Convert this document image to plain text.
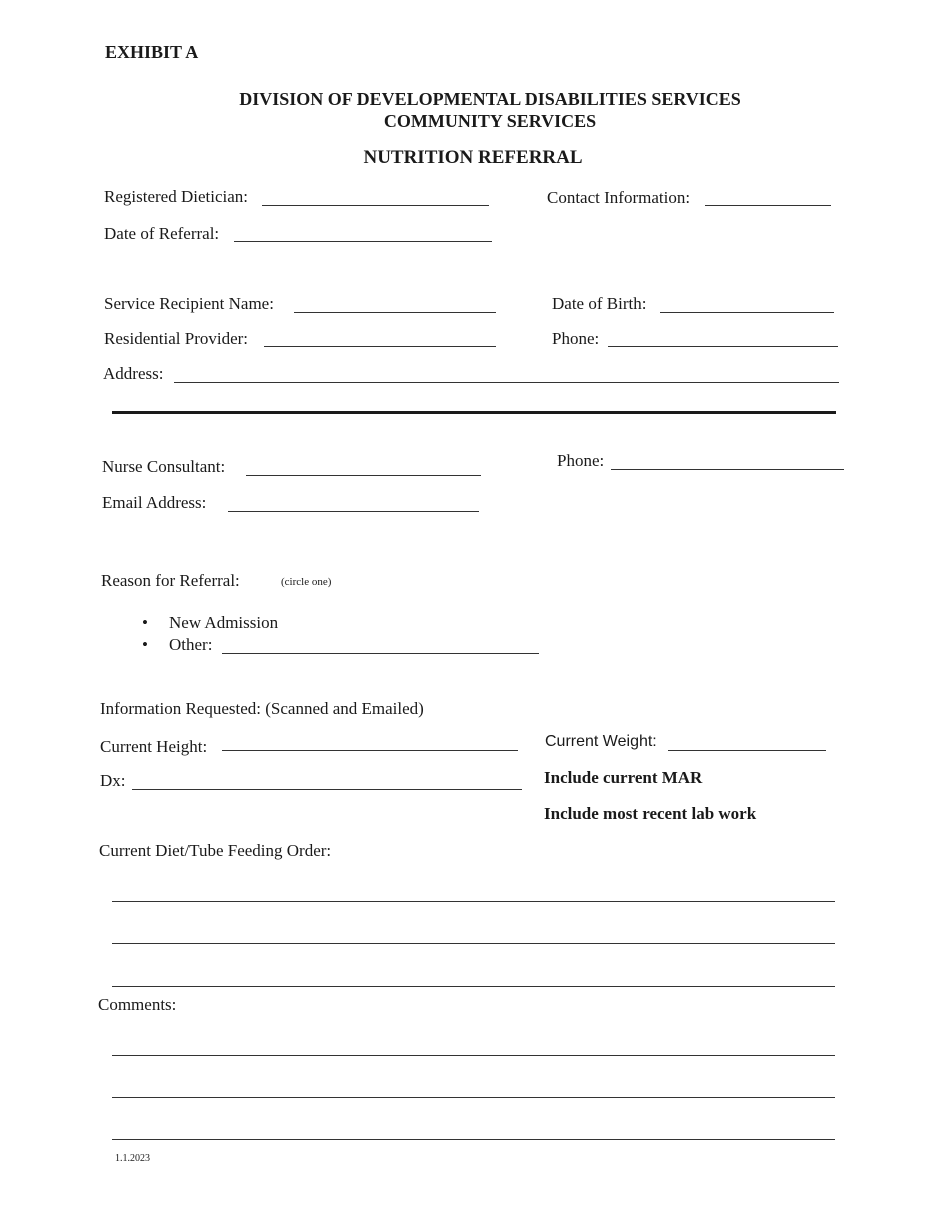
EXHIBIT A
DIVISION OF DEVELOPMENTAL DISABILITIES SERVICES
COMMUNITY SERVICES
NUTRITION REFERRAL
Registered Dietician:	Contact Information:
Date of Referral:
Service Recipient Name:	Date of Birth:
Residential Provider:	Phone:
Address:
Nurse Consultant:	Phone:
Email Address:
Reason for Referral:	(circle one)
• New Admission
• Other:
Information Requested: (Scanned and Emailed)
Current Height:	Current Weight:
Dx:	Include current MAR
Include most recent lab work
Current Diet/Tube Feeding Order:
Comments:
1.1.2023
